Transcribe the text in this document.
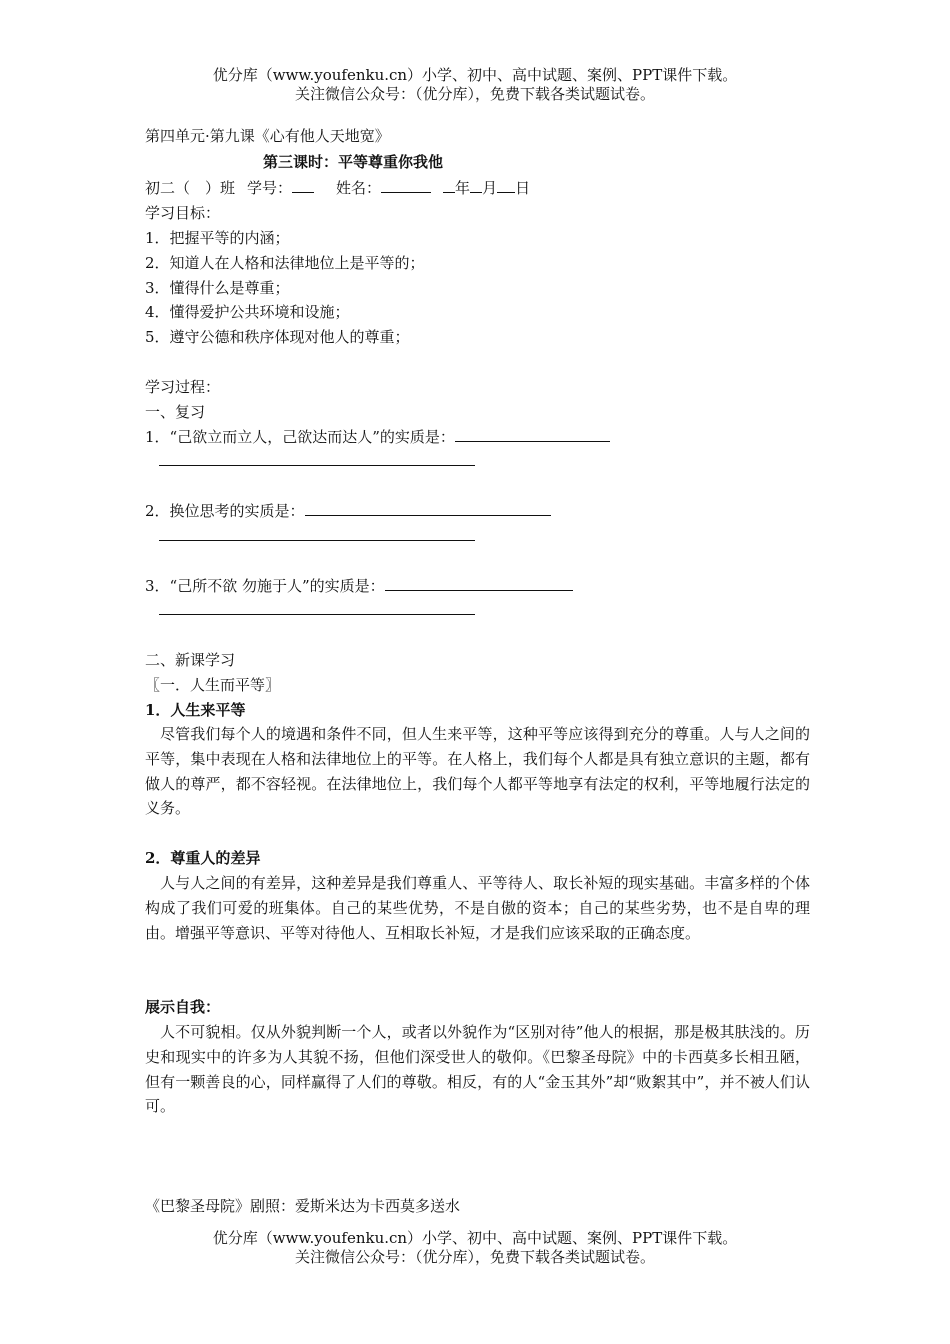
优分库（www.youfenku.cn）小学、初中、高中试题、案例、PPT课件下载。
关注微信公众号：（优分库），免费下载各类试题试卷。
第四单元·第九课《心有他人天地宽》
第三课时：平等尊重你我他
初二（　）班 学号：	姓名：	年 月 日
学习目标：
1．把握平等的内涵；
2．知道人在人格和法律地位上是平等的；
3．懂得什么是尊重；
4．懂得爱护公共环境和设施；
5．遵守公德和秩序体现对他人的尊重；
学习过程：
一、复习
1．“己欲立而立人，己欲达而达人”的实质是：
2．换位思考的实质是：
3．“己所不欲 勿施于人”的实质是：
二、新课学习
〖一．人生而平等〗
1．人生来平等
尽管我们每个人的境遇和条件不同，但人生来平等，这种平等应该得到充分的尊重。人与人之间的平等，集中表现在人格和法律地位上的平等。在人格上，我们每个人都是具有独立意识的主题，都有做人的尊严，都不容轻视。在法律地位上，我们每个人都平等地享有法定的权利，平等地履行法定的义务。
2．尊重人的差异
人与人之间的有差异，这种差异是我们尊重人、平等待人、取长补短的现实基础。丰富多样的个体构成了我们可爱的班集体。自己的某些优势，不是自傲的资本；自己的某些劣势，也不是自卑的理由。增强平等意识、平等对待他人、互相取长补短，才是我们应该采取的正确态度。
展示自我：
人不可貌相。仅从外貌判断一个人，或者以外貌作为“区别对待”他人的根据，那是极其肤浅的。历史和现实中的许多为人其貌不扬，但他们深受世人的敬仰。《巴黎圣母院》中的卡西莫多长相丑陋，但有一颗善良的心，同样赢得了人们的尊敬。相反，有的人“金玉其外”却“败絮其中”，并不被人们认可。
《巴黎圣母院》剧照：爱斯米达为卡西莫多送水
优分库（www.youfenku.cn）小学、初中、高中试题、案例、PPT课件下载。
关注微信公众号：（优分库），免费下载各类试题试卷。
